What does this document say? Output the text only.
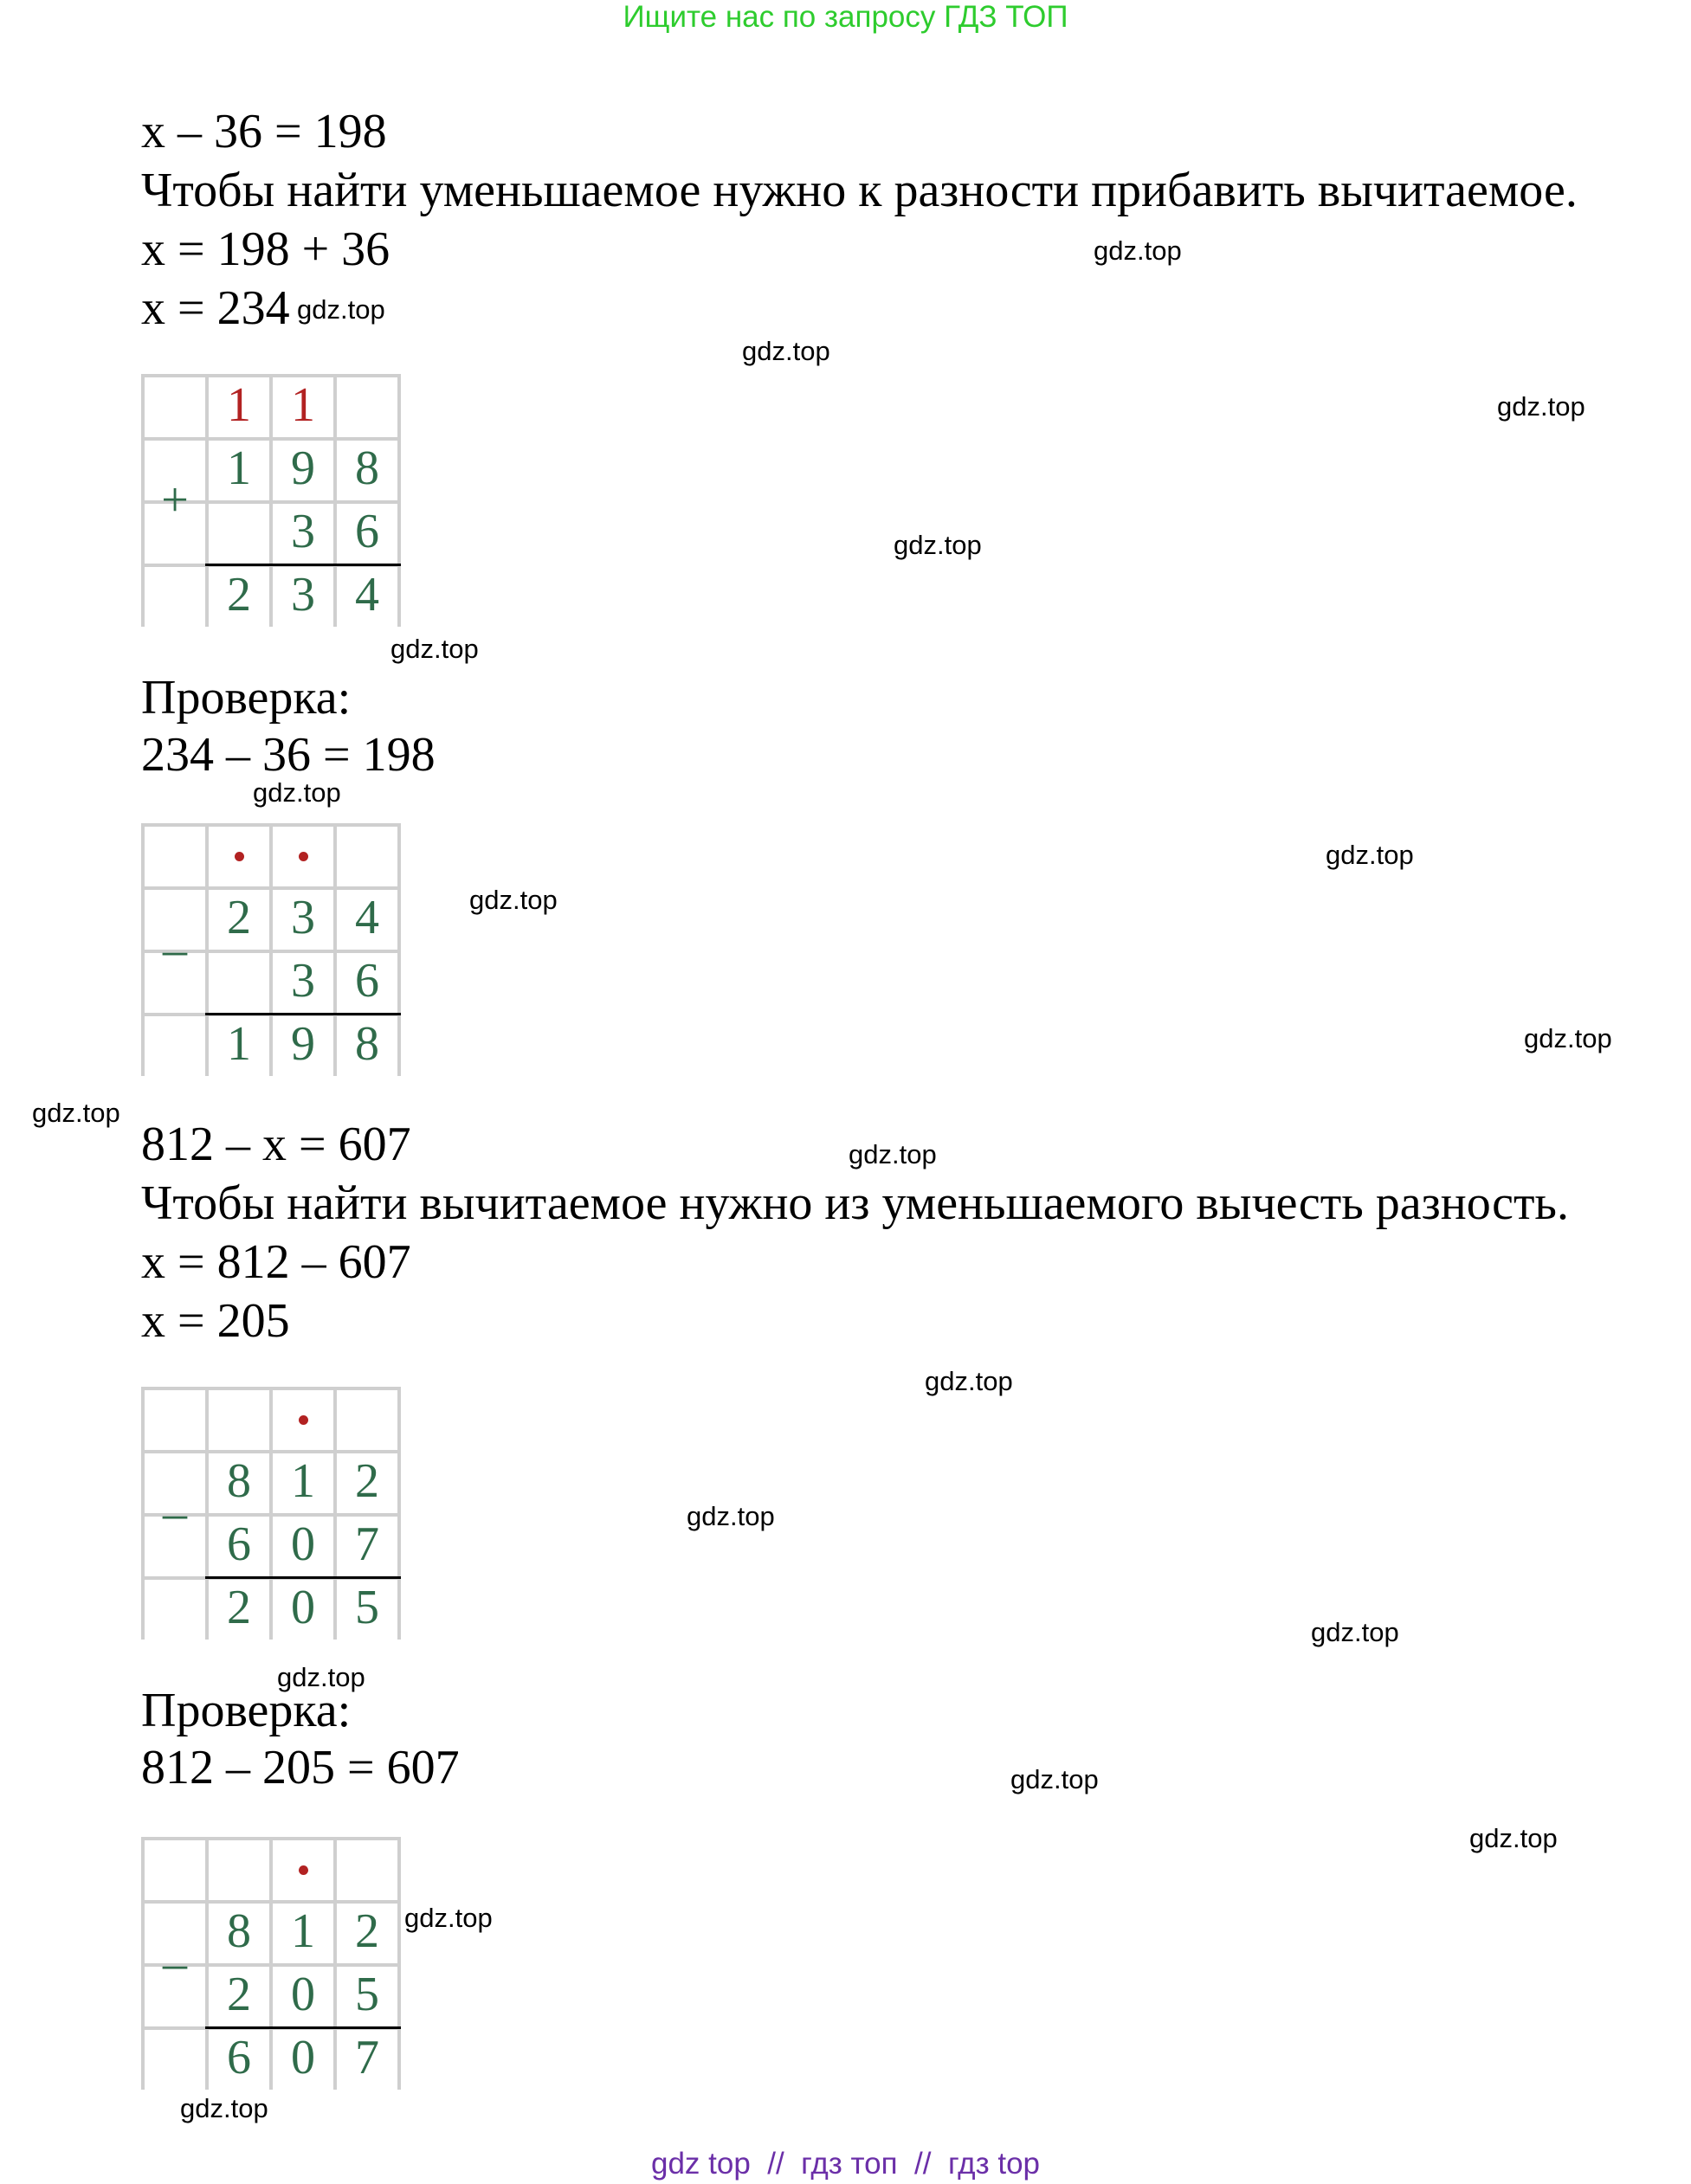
Ищите нас по запросу ГДЗ ТОП
x – 36 = 198
Чтобы найти уменьшаемое нужно к разности прибавить вычитаемое.
x = 198 + 36
x = 234
1 1
1 9 8
3 6
2 3 4
+
Проверка:
234 – 36 = 198
2 3 4
3 6
1 9 8
–
812 – x = 607
Чтобы найти вычитаемое нужно из уменьшаемого вычесть разность.
x = 812 – 607
x = 205
8 1 2
6 0 7
2 0 5
–
Проверка:
812 – 205 = 607
8 1 2
2 0 5
6 0 7
–
gdz.top
gdz.top
gdz.top
gdz.top
gdz.top
gdz.top
gdz.top
gdz.top
gdz.top
gdz.top
gdz.top
gdz.top
gdz.top
gdz.top
gdz.top
gdz.top
gdz.top
gdz.top
gdz.top
gdz.top
gdz top  //  гдз топ  //  гдз top
